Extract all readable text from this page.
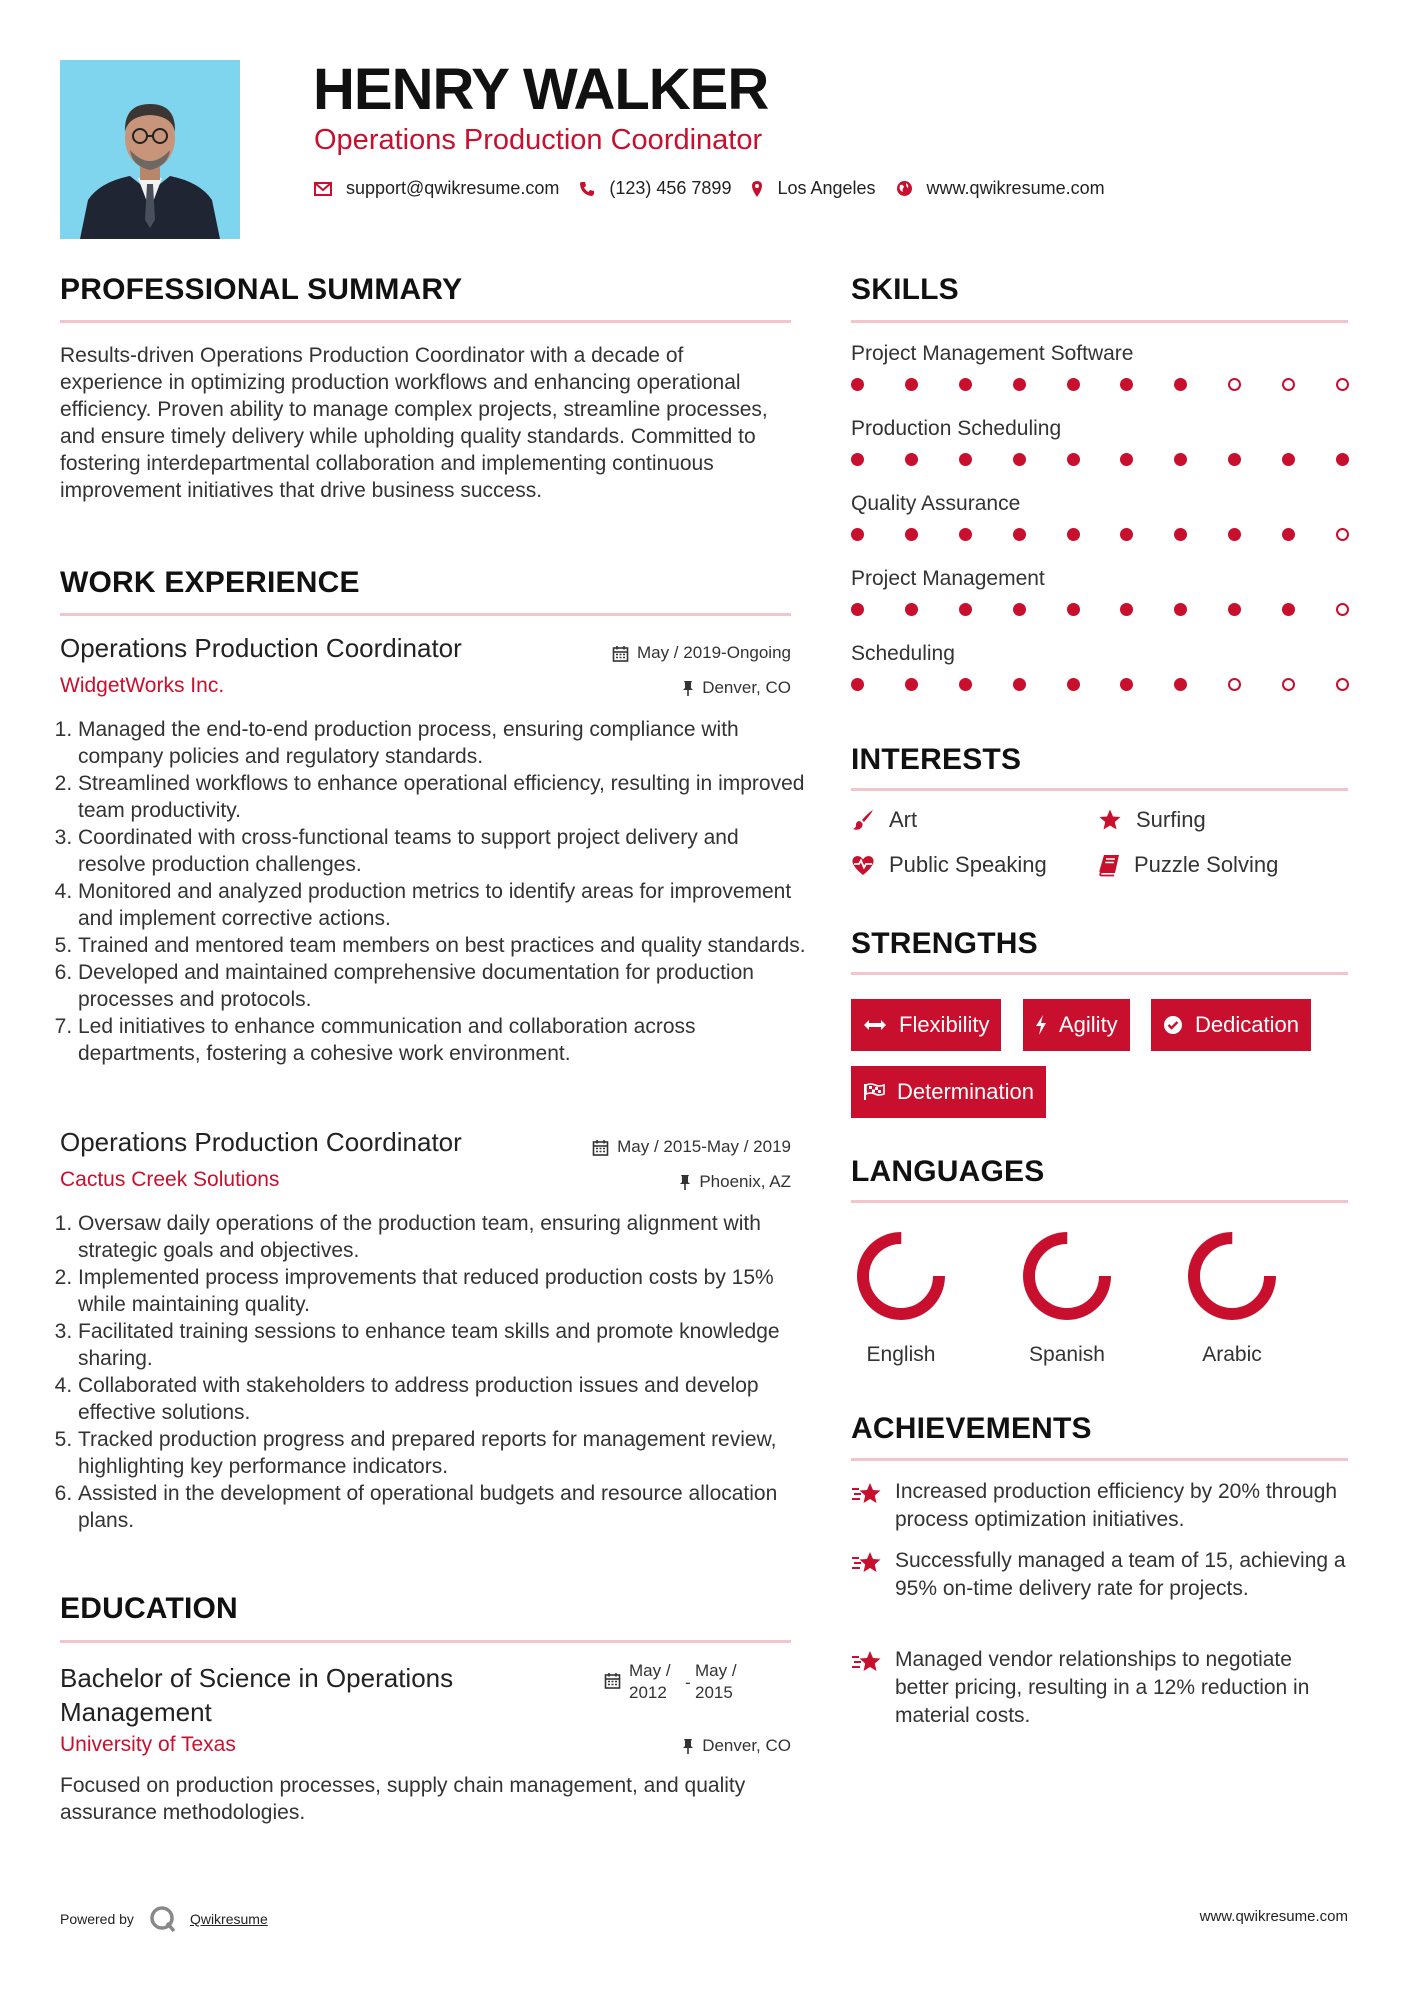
HENRY WALKER
Operations Production Coordinator
support@qwikresume.com	(123) 456 7899	Los Angeles	www.qwikresume.com
PROFESSIONAL SUMMARY
Results-driven Operations Production Coordinator with a decade of experience in optimizing production workflows and enhancing operational efficiency. Proven ability to manage complex projects, streamline processes, and ensure timely delivery while upholding quality standards. Committed to fostering interdepartmental collaboration and implementing continuous improvement initiatives that drive business success.
WORK EXPERIENCE
Operations Production Coordinator	May / 2019-Ongoing
WidgetWorks Inc.	Denver, CO
1. Managed the end-to-end production process, ensuring compliance with company policies and regulatory standards.
2. Streamlined workflows to enhance operational efficiency, resulting in improved team productivity.
3. Coordinated with cross-functional teams to support project delivery and resolve production challenges.
4. Monitored and analyzed production metrics to identify areas for improvement and implement corrective actions.
5. Trained and mentored team members on best practices and quality standards.
6. Developed and maintained comprehensive documentation for production processes and protocols.
7. Led initiatives to enhance communication and collaboration across departments, fostering a cohesive work environment.
Operations Production Coordinator	May / 2015-May / 2019
Cactus Creek Solutions	Phoenix, AZ
1. Oversaw daily operations of the production team, ensuring alignment with strategic goals and objectives.
2. Implemented process improvements that reduced production costs by 15% while maintaining quality.
3. Facilitated training sessions to enhance team skills and promote knowledge sharing.
4. Collaborated with stakeholders to address production issues and develop effective solutions.
5. Tracked production progress and prepared reports for management review, highlighting key performance indicators.
6. Assisted in the development of operational budgets and resource allocation plans.
EDUCATION
Bachelor of Science in Operations
Management
May /
2012
-
May /
2015
University of Texas	Denver, CO
Focused on production processes, supply chain management, and quality assurance methodologies.
SKILLS
Project Management Software
Production Scheduling
Quality Assurance
Project Management
Scheduling
INTERESTS
Art	Surfing
Public Speaking	Puzzle Solving
STRENGTHS
Flexibility	Agility	Dedication
Determination
LANGUAGES
English	Spanish	Arabic
ACHIEVEMENTS
Increased production efficiency by 20% through process optimization initiatives.
Successfully managed a team of 15, achieving a 95% on-time delivery rate for projects.
Managed vendor relationships to negotiate better pricing, resulting in a 12% reduction in material costs.
Powered by	Qwikresume	www.qwikresume.com
